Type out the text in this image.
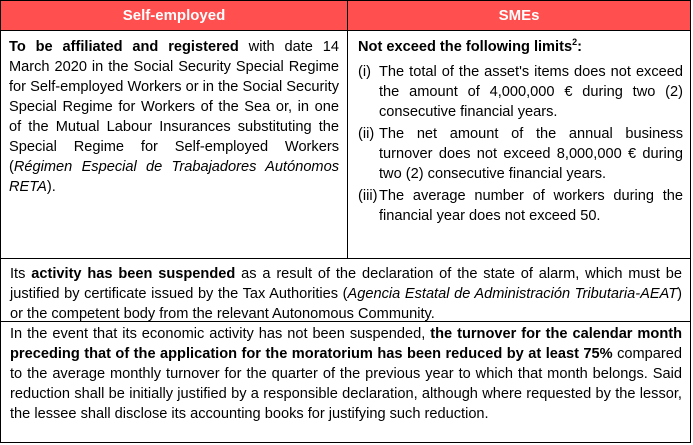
Self-employed	SMEs

To be affiliated and registered with date 14 March 2020 in the Social Security Special Regime for Self-employed Workers or in the Social Security Special Regime for Workers of the Sea or, in one of the Mutual Labour Insurances substituting the Special Regime for Self-employed Workers (Régimen Especial de Trabajadores Autónomos RETA).

Not exceed the following limits$^2$:

(i) The total of the asset's items does not exceed the amount of 4,000,000 € during two (2) consecutive financial years.
(ii) The net amount of the annual business turnover does not exceed 8,000,000 € during two (2) consecutive financial years.
(iii) The average number of workers during the financial year does not exceed 50.

Its activity has been suspended as a result of the declaration of the state of alarm, which must be justified by certificate issued by the Tax Authorities (Agencia Estatal de Administración Tributaria-AEAT) or the competent body from the relevant Autonomous Community.

In the event that its economic activity has not been suspended, the turnover for the calendar month preceding that of the application for the moratorium has been reduced by at least 75% compared to the average monthly turnover for the quarter of the previous year to which that month belongs. Said reduction shall be initially justified by a responsible declaration, although where requested by the lessor, the lessee shall disclose its accounting books for justifying such reduction.
